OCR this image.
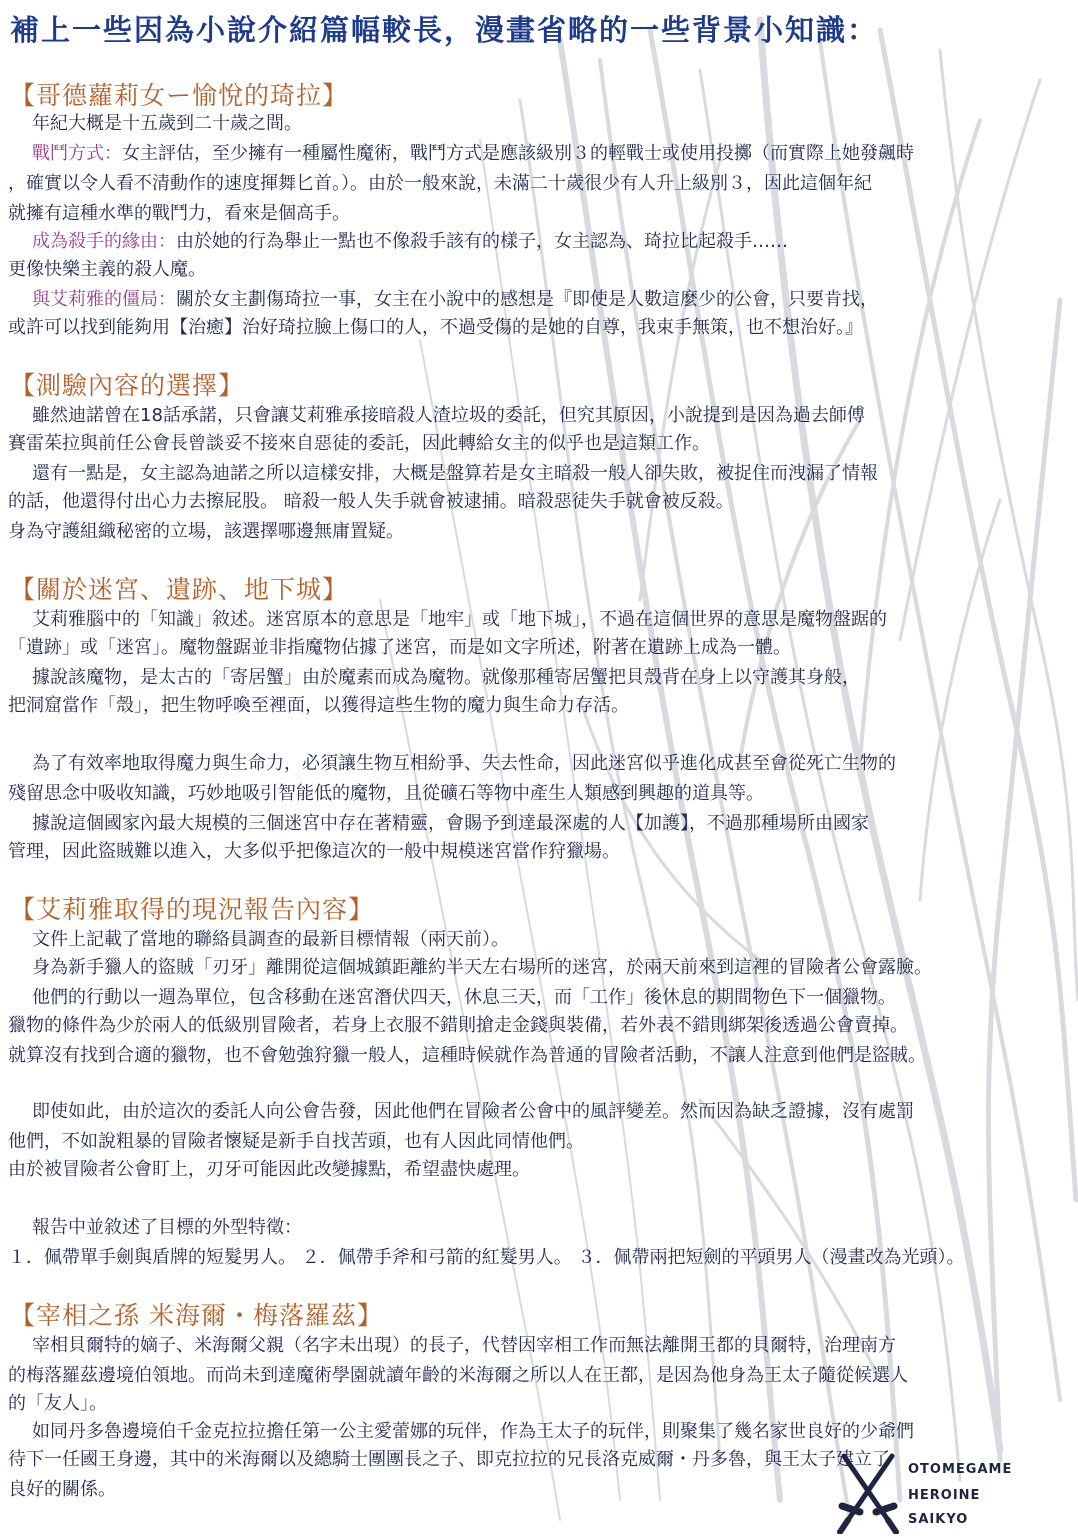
補上一些因為小說介紹篇幅較長，漫畫省略的一些背景小知識：
【哥德蘿莉女ー愉悅的琦拉】
年紀大概是十五歲到二十歲之間。
戰鬥方式：女主評估，至少擁有一種屬性魔術，戰鬥方式是應該級別３的輕戰士或使用投擲（而實際上她發飆時
，確實以令人看不清動作的速度揮舞匕首。）。由於一般來說，未滿二十歲很少有人升上級別３，因此這個年紀
就擁有這種水準的戰鬥力，看來是個高手。
成為殺手的緣由：由於她的行為舉止一點也不像殺手該有的樣子，女主認為、琦拉比起殺手……
更像快樂主義的殺人魔。
與艾莉雅的僵局：關於女主劃傷琦拉一事，女主在小說中的感想是『即使是人數這麼少的公會，只要肯找，
或許可以找到能夠用【治癒】治好琦拉臉上傷口的人，不過受傷的是她的自尊，我束手無策，也不想治好。』
【測驗內容的選擇】
雖然迪諾曾在18話承諾，只會讓艾莉雅承接暗殺人渣垃圾的委託，但究其原因，小說提到是因為過去師傅
賽雷茱拉與前任公會長曾談妥不接來自惡徒的委託，因此轉給女主的似乎也是這類工作。
還有一點是，女主認為迪諾之所以這樣安排，大概是盤算若是女主暗殺一般人卻失敗，被捉住而洩漏了情報
的話，他還得付出心力去擦屁股。 暗殺一般人失手就會被逮捕。暗殺惡徒失手就會被反殺。
身為守護組織秘密的立場，該選擇哪邊無庸置疑。
【關於迷宮、遺跡、地下城】
艾莉雅腦中的「知識」敘述。迷宮原本的意思是「地牢」或「地下城」，不過在這個世界的意思是魔物盤踞的
「遺跡」或「迷宮」。魔物盤踞並非指魔物佔據了迷宮，而是如文字所述，附著在遺跡上成為一體。
據說該魔物，是太古的「寄居蟹」由於魔素而成為魔物。就像那種寄居蟹把貝殼背在身上以守護其身般，
把洞窟當作「殼」，把生物呼喚至裡面，以獲得這些生物的魔力與生命力存活。
為了有效率地取得魔力與生命力，必須讓生物互相紛爭、失去性命，因此迷宮似乎進化成甚至會從死亡生物的
殘留思念中吸收知識，巧妙地吸引智能低的魔物，且從礦石等物中產生人類感到興趣的道具等。
據說這個國家內最大規模的三個迷宮中存在著精靈，會賜予到達最深處的人【加護】，不過那種場所由國家
管理，因此盜賊難以進入，大多似乎把像這次的一般中規模迷宮當作狩獵場。
【艾莉雅取得的現況報告內容】
文件上記載了當地的聯絡員調查的最新目標情報（兩天前）。
身為新手獵人的盜賊「刃牙」離開從這個城鎮距離約半天左右場所的迷宮，於兩天前來到這裡的冒險者公會露臉。
他們的行動以一週為單位，包含移動在迷宮潛伏四天，休息三天，而「工作」後休息的期間物色下一個獵物。
獵物的條件為少於兩人的低級別冒險者，若身上衣服不錯則搶走金錢與裝備，若外表不錯則綁架後透過公會賣掉。
就算沒有找到合適的獵物，也不會勉強狩獵一般人，這種時候就作為普通的冒險者活動，不讓人注意到他們是盜賊。
即使如此，由於這次的委託人向公會告發，因此他們在冒險者公會中的風評變差。然而因為缺乏證據，沒有處罰
他們，不如說粗暴的冒險者懷疑是新手自找苦頭，也有人因此同情他們。
由於被冒險者公會盯上，刃牙可能因此改變據點，希望盡快處理。
報告中並敘述了目標的外型特徵：
１．佩帶單手劍與盾牌的短髮男人。 ２．佩帶手斧和弓箭的紅髮男人。 ３．佩帶兩把短劍的平頭男人（漫畫改為光頭）。
【宰相之孫 米海爾・梅落羅茲】
宰相貝爾特的嫡子、米海爾父親（名字未出現）的長子，代替因宰相工作而無法離開王都的貝爾特，治理南方
的梅落羅茲邊境伯領地。而尚未到達魔術學園就讀年齡的米海爾之所以人在王都，是因為他身為王太子隨從候選人
的「友人」。
如同丹多魯邊境伯千金克拉拉擔任第一公主愛蕾娜的玩伴，作為王太子的玩伴，則聚集了幾名家世良好的少爺們
待下一任國王身邊，其中的米海爾以及總騎士團團長之子、即克拉拉的兄長洛克威爾・丹多魯，與王太子建立了
良好的關係。
OTOMEGAME
HEROINE
SAIKYO
